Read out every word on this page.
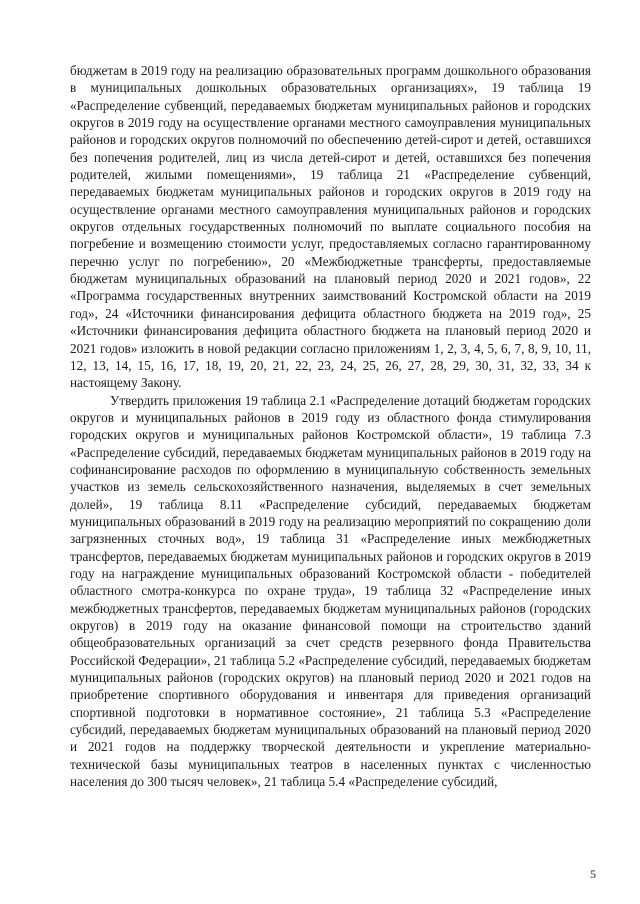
бюджетам в 2019 году на реализацию образовательных программ дошкольного образования в муниципальных дошкольных образовательных организациях», 19 таблица 19 «Распределение субвенций, передаваемых бюджетам муниципальных районов и городских округов в 2019 году на осуществление органами местного самоуправления муниципальных районов и городских округов полномочий по обеспечению детей-сирот и детей, оставшихся без попечения родителей, лиц из числа детей-сирот и детей, оставшихся без попечения родителей, жилыми помещениями», 19 таблица 21 «Распределение субвенций, передаваемых бюджетам муниципальных районов и городских округов в 2019 году на осуществление органами местного самоуправления муниципальных районов и городских округов отдельных государственных полномочий по выплате социального пособия на погребение и возмещению стоимости услуг, предоставляемых согласно гарантированному перечню услуг по погребению», 20 «Межбюджетные трансферты, предоставляемые бюджетам муниципальных образований на плановый период 2020 и 2021 годов», 22 «Программа государственных внутренних заимствований Костромской области на 2019 год», 24 «Источники финансирования дефицита областного бюджета на 2019 год», 25 «Источники финансирования дефицита областного бюджета на плановый период 2020 и 2021 годов» изложить в новой редакции согласно приложениям 1, 2, 3, 4, 5, 6, 7, 8, 9, 10, 11, 12, 13, 14, 15, 16, 17, 18, 19, 20, 21, 22, 23, 24, 25, 26, 27, 28, 29, 30, 31, 32, 33, 34 к настоящему Закону.

Утвердить приложения 19 таблица 2.1 «Распределение дотаций бюджетам городских округов и муниципальных районов в 2019 году из областного фонда стимулирования городских округов и муниципальных районов Костромской области», 19 таблица 7.3 «Распределение субсидий, передаваемых бюджетам муниципальных районов в 2019 году на софинансирование расходов по оформлению в муниципальную собственность земельных участков из земель сельскохозяйственного назначения, выделяемых в счет земельных долей», 19 таблица 8.11 «Распределение субсидий, передаваемых бюджетам муниципальных образований в 2019 году на реализацию мероприятий по сокращению доли загрязненных сточных вод», 19 таблица 31 «Распределение иных межбюджетных трансфертов, передаваемых бюджетам муниципальных районов и городских округов в 2019 году на награждение муниципальных образований Костромской области - победителей областного смотра-конкурса по охране труда», 19 таблица 32 «Распределение иных межбюджетных трансфертов, передаваемых бюджетам муниципальных районов (городских округов) в 2019 году на оказание финансовой помощи на строительство зданий общеобразовательных организаций за счет средств резервного фонда Правительства Российской Федерации», 21 таблица 5.2 «Распределение субсидий, передаваемых бюджетам муниципальных районов (городских округов) на плановый период 2020 и 2021 годов на приобретение спортивного оборудования и инвентаря для приведения организаций спортивной подготовки в нормативное состояние», 21 таблица 5.3 «Распределение субсидий, передаваемых бюджетам муниципальных образований на плановый период 2020 и 2021 годов на поддержку творческой деятельности и укрепление материально-технической базы муниципальных театров в населенных пунктах с численностью населения до 300 тысяч человек», 21 таблица 5.4 «Распределение субсидий,

5
